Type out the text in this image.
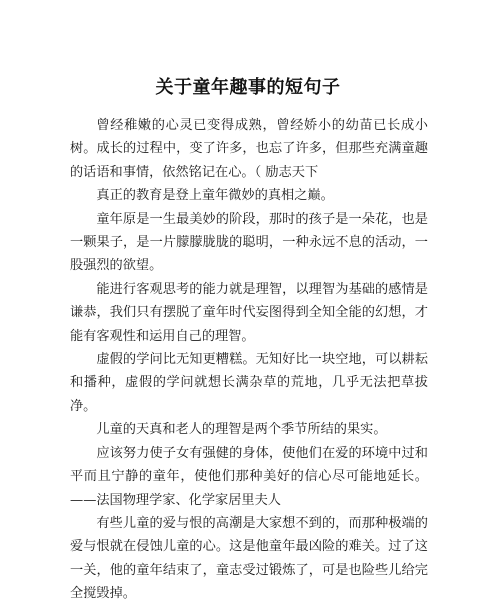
关于童年趣事的短句子

曾经稚嫩的心灵已变得成熟，曾经娇小的幼苗已长成小树。成长的过程中，变了许多，也忘了许多，但那些充满童趣的话语和事情，依然铭记在心。（ 励志天下

真正的教育是登上童年微妙的真相之巅。

童年原是一生最美妙的阶段，那时的孩子是一朵花，也是一颗果子，是一片朦朦胧胧的聪明，一种永远不息的活动，一股强烈的欲望。

能进行客观思考的能力就是理智，以理智为基础的感情是谦恭，我们只有摆脱了童年时代妄图得到全知全能的幻想，才能有客观性和运用自己的理智。

虚假的学问比无知更糟糕。无知好比一块空地，可以耕耘和播种，虚假的学问就想长满杂草的荒地，几乎无法把草拔净。

儿童的天真和老人的理智是两个季节所结的果实。

应该努力使子女有强健的身体，使他们在爱的环境中过和平而且宁静的童年，使他们那种美好的信心尽可能地延长。——法国物理学家、化学家居里夫人

有些儿童的爱与恨的高潮是大家想不到的，而那种极端的爱与恨就在侵蚀儿童的心。这是他童年最凶险的难关。过了这一关，他的童年结束了，童志受过锻炼了，可是也险些儿给完全搅毁掉。
